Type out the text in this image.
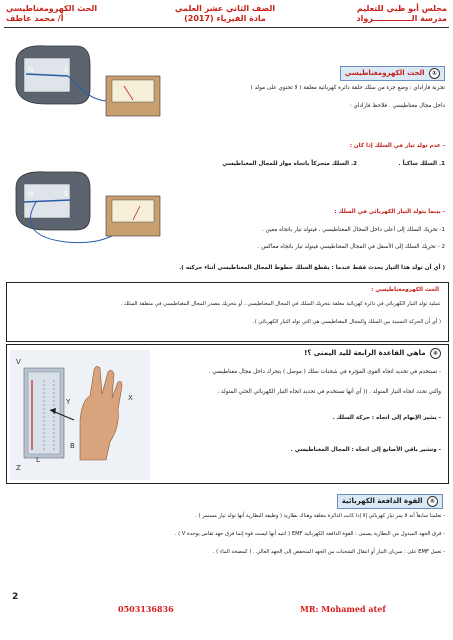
مجلس أبو ظبي للتعليم
مدرسة الــــــــــــــرواد
الصف الثاني عشر العلمي
مادة الفيزياء (2017)
الحث الكهرومغناطيسي
أ/ محمد عاطف
① الحث الكهرومغناطيسي
تجربة فاراداي : وضع جزء من سلك حلقة دائرة كهربائية مغلقة ( لا تحتوي على مولد )
داخل مجال مغناطيسي . فلاحظ فاراداي :
- عدم تولد تيار في السلك إذا كان :
1. السلك ساكناً .
2. السلك متحركاً باتجاه مواز للمجال المغناطيسي
- بينما يتولد التيار الكهربائي في السلك :
1- تحريك السلك إلى أعلى داخل المجال المغناطيسي ، فيتولد تيار باتجاه معين .
2 - تحريك السلك إلى الأسفل في المجال المغناطيسي فيتولد تيار باتجاه معاكس .
( أي أن تولد هذا التيار يحدث فقط عندما : يقطع السلك خطوط المجال المغناطيسي أثناء حركته ).
N	S
N	S
الحث الكهرومغناطيسي :
عملية تولد التيار الكهربائي في دائرة كهربائية مغلقة بتحريك السلك في المجال المغناطيسي ، أو بتحريك مصدر المجال المغناطيسي في منطقة السلك .
( أي أن الحركة النسبية بين السلك والمجال المغناطيسي هي التي تولد التيار الكهربائي ).
④ ماهي القاعدة الرابعة لليد اليمنى ؟!
- تستخدم في تحديد اتجاه القوى المؤثرة في شحنات سلك ( موصل ) يتحرك داخل مجال مغناطيسي .
والتي تحدد اتجاه التيار المتولد . (( أي أنها تستخدم في تحديد اتجاه التيار الكهربائي الحثي المتولد .
- يشير الإبهام إلى اتجاه : حركة السلك .
- وتشير باقي الأصابع إلى اتجاه : المجال المغناطيسي .
V
Z
Y	X
B
L
⑤ القوة الدافعة الكهربائية
- تعلمنا سابقاً أنه لا يمر تيار كهربائي إلا إذا كانت الدائرة مغلقة وهناك بطارية ( وظيفة البطارية أنها تولد تيار مستمر ) .
- فرق الجهد المبذول من البطارية يسمى : القوة الدافعة الكهربائية EMF ( انتبه أنها ليست قوة إنما فرق جهد تقاس بوحدة V ) .
- تعمل EMF على : سريان التيار أو انتقال الشحنات من الجهد المنخفض إلى الجهد العالي . ( كمضخة الماء ) .
2
0503136836	MR: Mohamed atef
